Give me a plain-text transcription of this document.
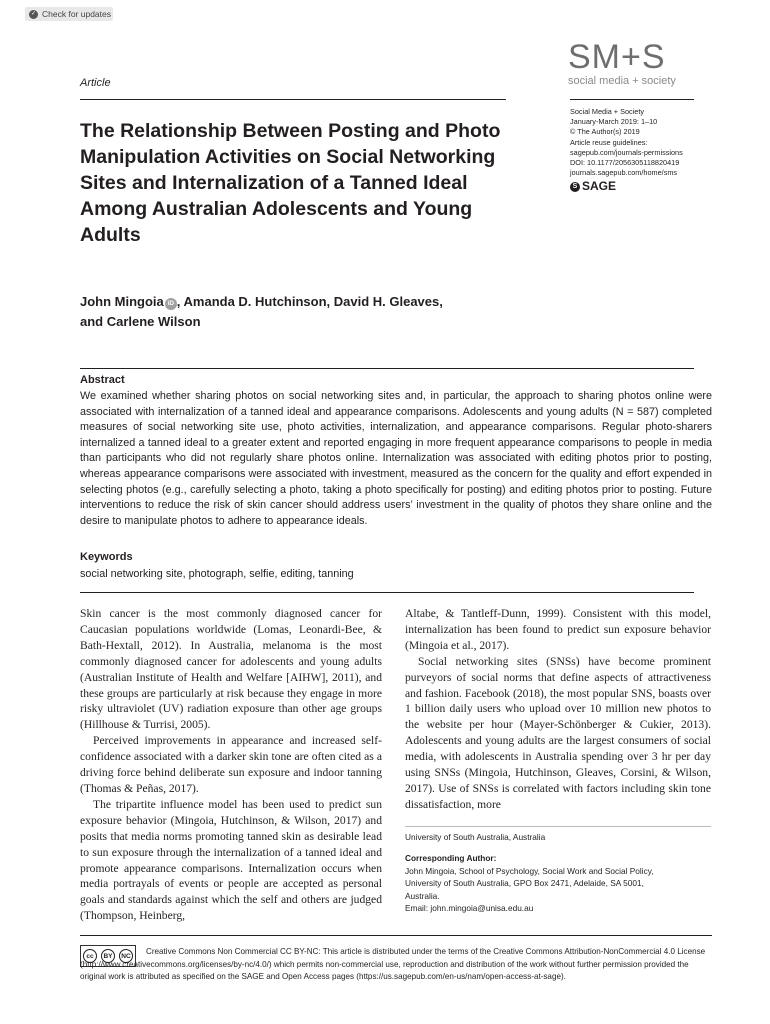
✓ Check for updates
Article
SM+S
social media + society
The Relationship Between Posting and Photo Manipulation Activities on Social Networking Sites and Internalization of a Tanned Ideal Among Australian Adolescents and Young Adults
Social Media + Society
January-March 2019: 1–10
© The Author(s) 2019
Article reuse guidelines:
sagepub.com/journals-permissions
DOI: 10.1177/2056305118820419
journals.sagepub.com/home/sms
S SAGE
John Mingoia iD , Amanda D. Hutchinson, David H. Gleaves,
and Carlene Wilson
Abstract
We examined whether sharing photos on social networking sites and, in particular, the approach to sharing photos online were associated with internalization of a tanned ideal and appearance comparisons. Adolescents and young adults (N = 587) completed measures of social networking site use, photo activities, internalization, and appearance comparisons. Regular photo-sharers internalized a tanned ideal to a greater extent and reported engaging in more frequent appearance comparisons to people in media than participants who did not regularly share photos online. Internalization was associated with editing photos prior to posting, whereas appearance comparisons were associated with investment, measured as the concern for the quality and effort expended in selecting photos (e.g., carefully selecting a photo, taking a photo specifically for posting) and editing photos prior to posting. Future interventions to reduce the risk of skin cancer should address users’ investment in the quality of photos they share online and the desire to manipulate photos to adhere to appearance ideals.
Keywords
social networking site, photograph, selfie, editing, tanning

Skin cancer is the most commonly diagnosed cancer for Caucasian populations worldwide (Lomas, Leonardi-Bee, & Bath-Hextall, 2012). In Australia, melanoma is the most commonly diagnosed cancer for adolescents and young adults (Australian Institute of Health and Welfare [AIHW], 2011), and these groups are particularly at risk because they engage in more risky ultraviolet (UV) radiation exposure than other age groups (Hillhouse & Turrisi, 2005).

Perceived improvements in appearance and increased self-confidence associated with a darker skin tone are often cited as a driving force behind deliberate sun exposure and indoor tanning (Thomas & Peñas, 2017).

The tripartite influence model has been used to predict sun exposure behavior (Mingoia, Hutchinson, & Wilson, 2017) and posits that media norms promoting tanned skin as desirable lead to sun exposure through the internalization of a tanned ideal and promote appearance comparisons. Internalization occurs when media portrayals of events or people are accepted as personal goals and standards against which the self and others are judged (Thompson, Heinberg,

Altabe, & Tantleff-Dunn, 1999). Consistent with this model, internalization has been found to predict sun exposure behavior (Mingoia et al., 2017).

Social networking sites (SNSs) have become prominent purveyors of social norms that define aspects of attractiveness and fashion. Facebook (2018), the most popular SNS, boasts over 1 billion daily users who upload over 10 million new photos to the website per hour (Mayer-Schönberger & Cukier, 2013). Adolescents and young adults are the largest consumers of social media, with adolescents in Australia spending over 3 hr per day using SNSs (Mingoia, Hutchinson, Gleaves, Corsini, & Wilson, 2017). Use of SNSs is correlated with factors including skin tone dissatisfaction, more

University of South Australia, Australia
Corresponding Author:
John Mingoia, School of Psychology, Social Work and Social Policy,
University of South Australia, GPO Box 2471, Adelaide, SA 5001,
Australia.
Email: john.mingoia@unisa.edu.au
cc	BY	NC
Creative Commons Non Commercial CC BY-NC: This article is distributed under the terms of the Creative Commons Attribution-NonCommercial 4.0 License (http://www.creativecommons.org/licenses/by-nc/4.0/) which permits non-commercial use, reproduction and distribution of the work without further permission provided the original work is attributed as specified on the SAGE and Open Access pages (https://us.sagepub.com/en-us/nam/open-access-at-sage).
